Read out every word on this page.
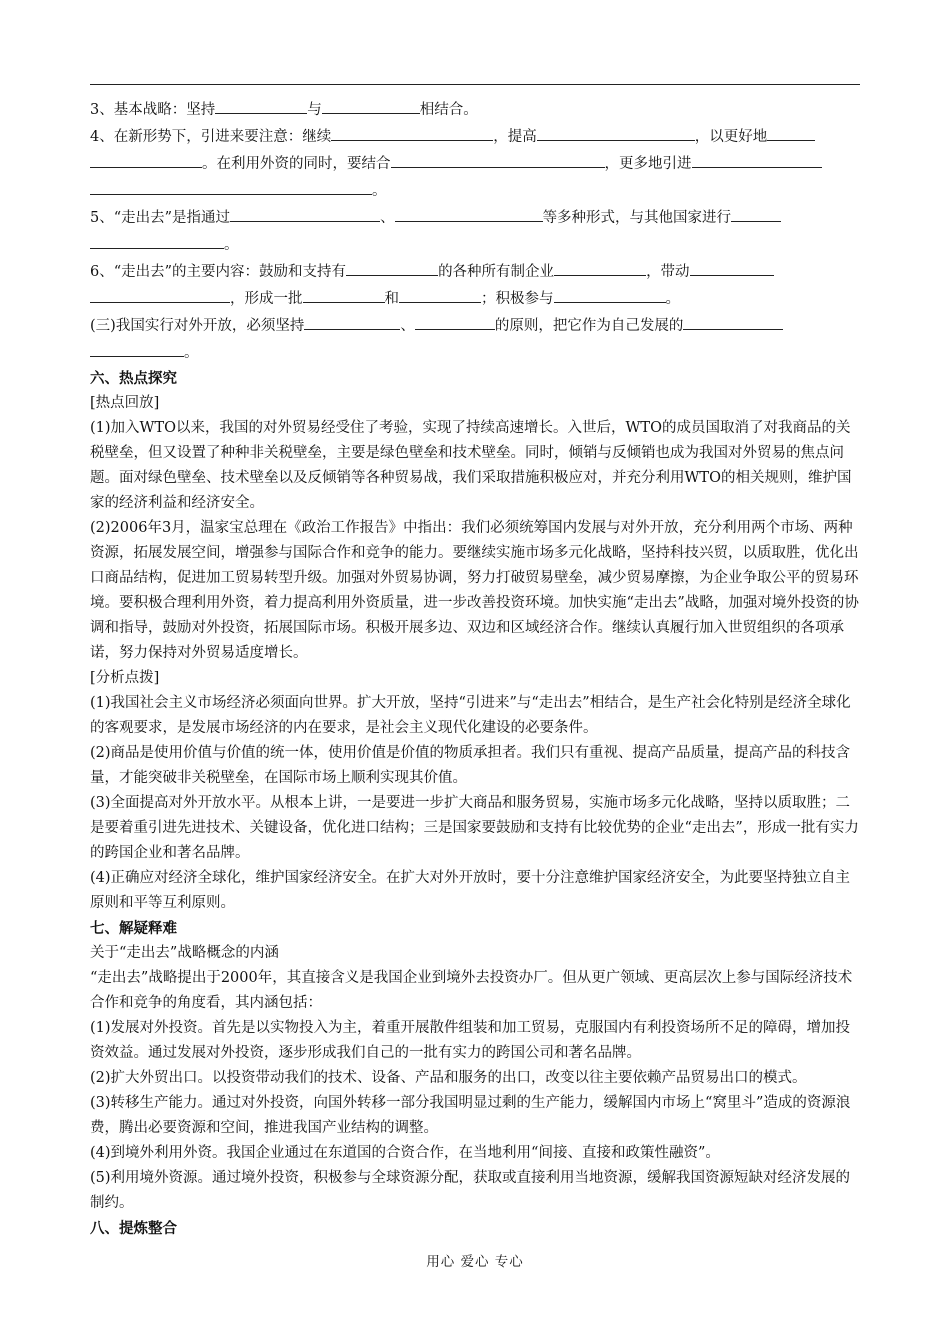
3、基本战略：坚持	与	相结合。

4、在新形势下，引进来要注意：继续	，提高	，以更好地
。在利用外资的同时，要结合	，更多地引进
。

5、“走出去”是指通过	、	等多种形式，与其他国家进行
。

6、“走出去”的主要内容：鼓励和支持有	的各种所有制企业	，带动
，形成一批	和	；积极参与	。

(三)我国实行对外开放，必须坚持	、	的原则，把它作为自己发展的
。

六、热点探究

[热点回放]

(1)加入WTO以来，我国的对外贸易经受住了考验，实现了持续高速增长。入世后，WTO的成员国取消了对我商品的关税壁垒，但又设置了种种非关税壁垒，主要是绿色壁垒和技术壁垒。同时，倾销与反倾销也成为我国对外贸易的焦点问题。面对绿色壁垒、技术壁垒以及反倾销等各种贸易战，我们采取措施积极应对，并充分利用WTO的相关规则，维护国家的经济利益和经济安全。

(2)2006年3月，温家宝总理在《政治工作报告》中指出：我们必须统筹国内发展与对外开放，充分利用两个市场、两种资源，拓展发展空间，增强参与国际合作和竞争的能力。要继续实施市场多元化战略，坚持科技兴贸，以质取胜，优化出口商品结构，促进加工贸易转型升级。加强对外贸易协调，努力打破贸易壁垒，减少贸易摩擦，为企业争取公平的贸易环境。要积极合理利用外资，着力提高利用外资质量，进一步改善投资环境。加快实施“走出去”战略，加强对境外投资的协调和指导，鼓励对外投资，拓展国际市场。积极开展多边、双边和区域经济合作。继续认真履行加入世贸组织的各项承诺，努力保持对外贸易适度增长。

[分析点拨]

(1)我国社会主义市场经济必须面向世界。扩大开放，坚持“引进来”与“走出去”相结合，是生产社会化特别是经济全球化的客观要求，是发展市场经济的内在要求，是社会主义现代化建设的必要条件。

(2)商品是使用价值与价值的统一体，使用价值是价值的物质承担者。我们只有重视、提高产品质量，提高产品的科技含量，才能突破非关税壁垒，在国际市场上顺利实现其价值。

(3)全面提高对外开放水平。从根本上讲，一是要进一步扩大商品和服务贸易，实施市场多元化战略，坚持以质取胜；二是要着重引进先进技术、关键设备，优化进口结构；三是国家要鼓励和支持有比较优势的企业“走出去”，形成一批有实力的跨国企业和著名品牌。

(4)正确应对经济全球化，维护国家经济安全。在扩大对外开放时，要十分注意维护国家经济安全，为此要坚持独立自主原则和平等互利原则。

七、解疑释难

关于“走出去”战略概念的内涵

“走出去”战略提出于2000年，其直接含义是我国企业到境外去投资办厂。但从更广领域、更高层次上参与国际经济技术合作和竞争的角度看，其内涵包括：

(1)发展对外投资。首先是以实物投入为主，着重开展散件组装和加工贸易，克服国内有利投资场所不足的障碍，增加投资效益。通过发展对外投资，逐步形成我们自己的一批有实力的跨国公司和著名品牌。

(2)扩大外贸出口。以投资带动我们的技术、设备、产品和服务的出口，改变以往主要依赖产品贸易出口的模式。

(3)转移生产能力。通过对外投资，向国外转移一部分我国明显过剩的生产能力，缓解国内市场上“窝里斗”造成的资源浪费，腾出必要资源和空间，推进我国产业结构的调整。

(4)到境外利用外资。我国企业通过在东道国的合资合作，在当地利用“间接、直接和政策性融资”。

(5)利用境外资源。通过境外投资，积极参与全球资源分配，获取或直接利用当地资源，缓解我国资源短缺对经济发展的制约。

八、提炼整合

用心 爱心 专心
